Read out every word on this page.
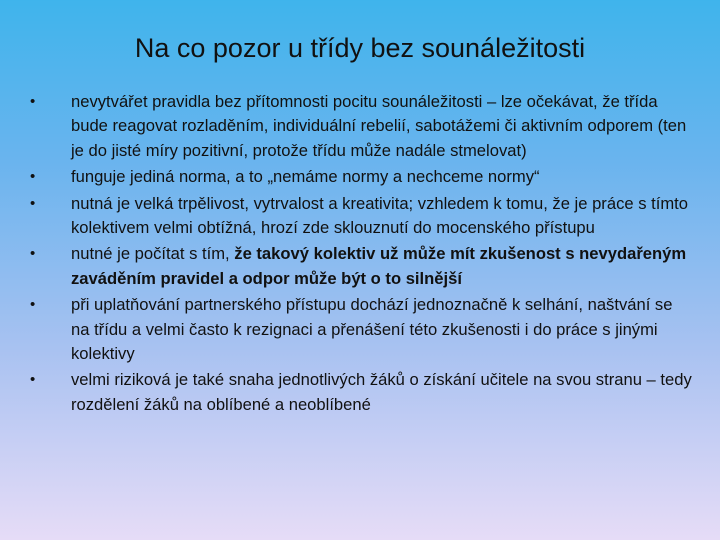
Na co pozor u třídy bez sounáležitosti
•	nevytvářet pravidla bez přítomnosti pocitu sounáležitosti – lze očekávat, že třída bude reagovat rozladěním, individuální rebelií, sabotážemi či aktivním odporem (ten je do jisté míry pozitivní, protože třídu může nadále stmelovat)
•	funguje jediná norma, a to „nemáme normy a nechceme normy“
•	nutná je velká trpělivost, vytrvalost a kreativita; vzhledem k tomu, že je práce s tímto kolektivem velmi obtížná, hrozí zde sklouznutí do mocenského přístupu
•	nutné je počítat s tím, že takový kolektiv už může mít zkušenost s nevydařeným zaváděním pravidel a odpor může být o to silnější
•	při uplatňování partnerského přístupu dochází jednoznačně k selhání, naštvání se na třídu a velmi často k rezignaci a přenášení této zkušenosti i do práce s jinými kolektivy
•	velmi riziková je také snaha jednotlivých žáků o získání učitele na svou stranu – tedy rozdělení žáků na oblíbené a neoblíbené
